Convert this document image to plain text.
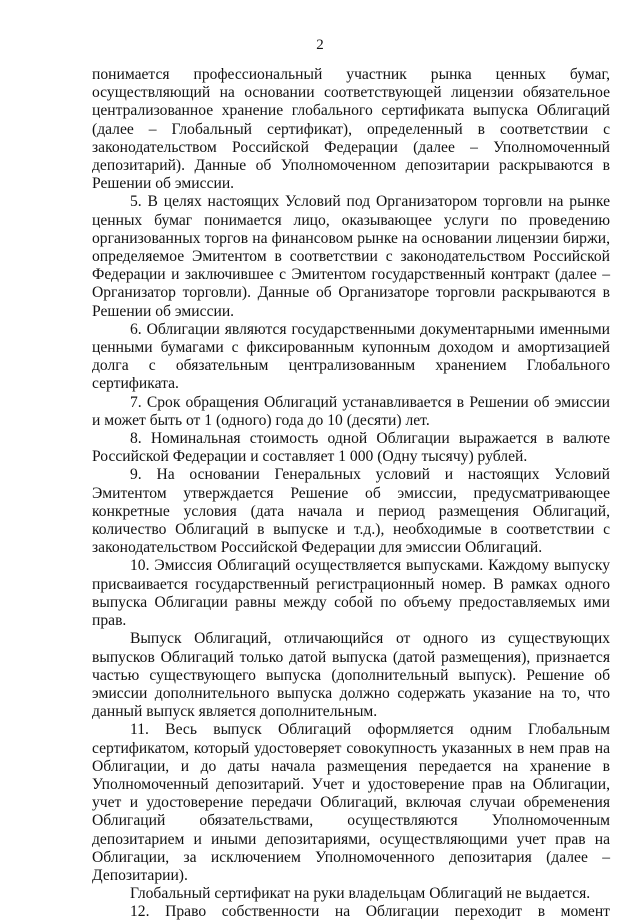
2

понимается профессиональный участник рынка ценных бумаг, осуществляющий на основании соответствующей лицензии обязательное централизованное хранение глобального сертификата выпуска Облигаций (далее – Глобальный сертификат), определенный в соответствии с законодательством Российской Федерации (далее – Уполномоченный депозитарий). Данные об Уполномоченном депозитарии раскрываются в Решении об эмиссии.

5. В целях настоящих Условий под Организатором торговли на рынке ценных бумаг понимается лицо, оказывающее услуги по проведению организованных торгов на финансовом рынке на основании лицензии биржи, определяемое Эмитентом в соответствии с законодательством Российской Федерации и заключившее с Эмитентом государственный контракт (далее – Организатор торговли). Данные об Организаторе торговли раскрываются в Решении об эмиссии.

6. Облигации являются государственными документарными именными ценными бумагами с фиксированным купонным доходом и амортизацией долга с обязательным централизованным хранением Глобального сертификата.

7. Срок обращения Облигаций устанавливается в Решении об эмиссии и может быть от 1 (одного) года до 10 (десяти) лет.

8. Номинальная стоимость одной Облигации выражается в валюте Российской Федерации и составляет 1 000 (Одну тысячу) рублей.

9. На основании Генеральных условий и настоящих Условий Эмитентом утверждается Решение об эмиссии, предусматривающее конкретные условия (дата начала и период размещения Облигаций, количество Облигаций в выпуске и т.д.), необходимые в соответствии с законодательством Российской Федерации для эмиссии Облигаций.

10. Эмиссия Облигаций осуществляется выпусками. Каждому выпуску присваивается государственный регистрационный номер. В рамках одного выпуска Облигации равны между собой по объему предоставляемых ими прав.

Выпуск Облигаций, отличающийся от одного из существующих выпусков Облигаций только датой выпуска (датой размещения), признается частью существующего выпуска (дополнительный выпуск). Решение об эмиссии дополнительного выпуска должно содержать указание на то, что данный выпуск является дополнительным.

11. Весь выпуск Облигаций оформляется одним Глобальным сертификатом, который удостоверяет совокупность указанных в нем прав на Облигации, и до даты начала размещения передается на хранение в Уполномоченный депозитарий. Учет и удостоверение прав на Облигации, учет и удостоверение передачи Облигаций, включая случаи обременения Облигаций обязательствами, осуществляются Уполномоченным депозитарием и иными депозитариями, осуществляющими учет прав на Облигации, за исключением Уполномоченного депозитария (далее – Депозитарии).

Глобальный сертификат на руки владельцам Облигаций не выдается.

12. Право собственности на Облигации переходит в момент
